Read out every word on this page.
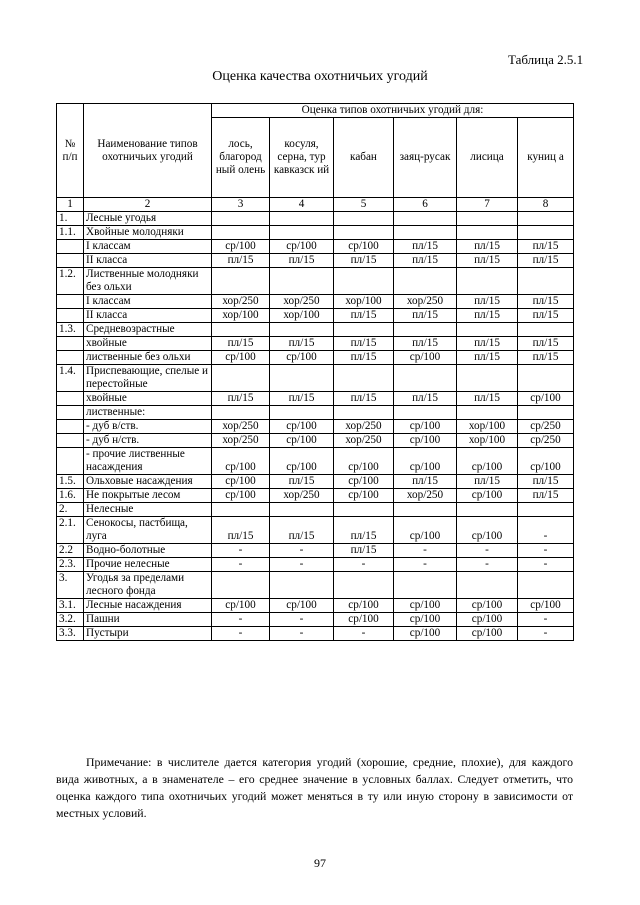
Таблица 2.5.1
Оценка качества охотничьих угодий
№ п/п	Наименование типов охотничьих угодий	Оценка типов охотничьих угодий для:					
		лось, благород ный олень	косуля, серна, тур кавказск ий	кабан	заяц-русак	лисица	куниц а
1	2	3	4	5	6	7	8
1.	Лесные угодья						
1.1.	Хвойные молодняки						
	I классам	ср/100	ср/100	ср/100	пл/15	пл/15	пл/15
	II класса	пл/15	пл/15	пл/15	пл/15	пл/15	пл/15
1.2.	Лиственные молодняки без ольхи						
	I классам	хор/250	хор/250	хор/100	хор/250	пл/15	пл/15
	II класса	хор/100	хор/100	пл/15	пл/15	пл/15	пл/15
1.3.	Средневозрастные						
	хвойные	пл/15	пл/15	пл/15	пл/15	пл/15	пл/15
	лиственные без ольхи	ср/100	ср/100	пл/15	ср/100	пл/15	пл/15
1.4.	Приспевающие, спелые и перестойные						
	хвойные	пл/15	пл/15	пл/15	пл/15	пл/15	ср/100
	лиственные:						
	- дуб в/ств.	хор/250	ср/100	хор/250	ср/100	хор/100	ср/250
	- дуб н/ств.	хор/250	ср/100	хор/250	ср/100	хор/100	ср/250
	- прочие лиственные насаждения	ср/100	ср/100	ср/100	ср/100	ср/100	ср/100
1.5.	Ольховые насаждения	ср/100	пл/15	ср/100	пл/15	пл/15	пл/15
1.6.	Не покрытые лесом	ср/100	хор/250	ср/100	хор/250	ср/100	пл/15
2.	Нелесные						
2.1.	Сенокосы, пастбища, луга	пл/15	пл/15	пл/15	ср/100	ср/100	-
2.2	Водно-болотные	-	-	пл/15	-	-	-
2.3.	Прочие нелесные	-	-	-	-	-	-
3.	Угодья за пределами лесного фонда						
3.1.	Лесные насаждения	ср/100	ср/100	ср/100	ср/100	ср/100	ср/100
3.2.	Пашни	-	-	ср/100	ср/100	ср/100	-
3.3.	Пустыри	-	-	-	ср/100	ср/100	-
Примечание: в числителе дается категория угодий (хорошие, средние, плохие), для каждого вида животных, а в знаменателе – его среднее значение в условных баллах. Следует отметить, что оценка каждого типа охотничьих угодий может меняться в ту или иную сторону в зависимости от местных условий.
97
